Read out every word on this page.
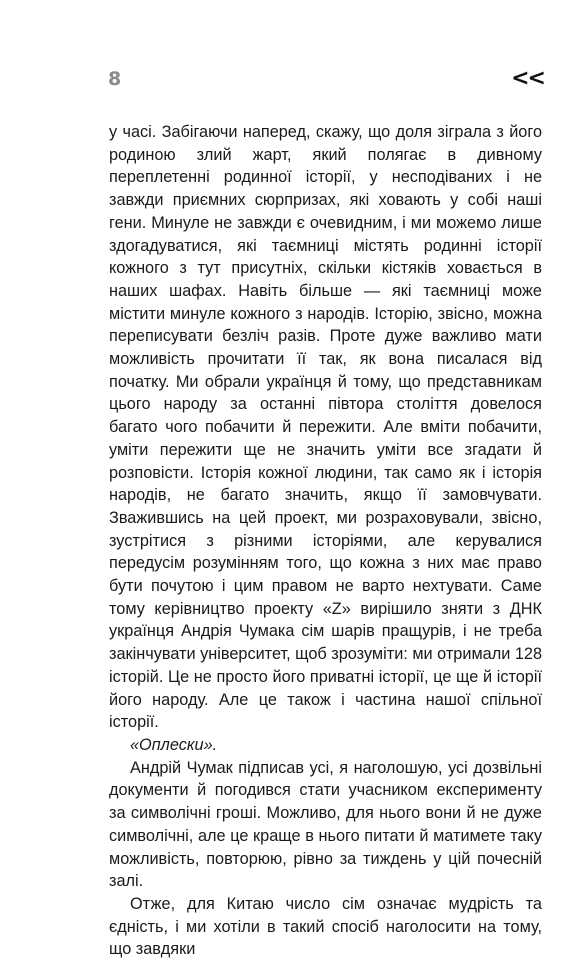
8	<<

у часі. Забігаючи наперед, скажу, що доля зіграла з його родиною злий жарт, який полягає в дивному переплетенні родинної історії, у несподіваних і не завжди приємних сюрпризах, які ховають у собі наші гени. Минуле не завжди є очевидним, і ми можемо лише здогадуватися, які таємниці містять родинні історії кожного з тут присутніх, скільки кістяків ховається в наших шафах. Навіть більше — які таємниці може містити минуле кожного з народів. Історію, звісно, можна переписувати безліч разів. Проте дуже важливо мати можливість прочитати її так, як вона писалася від початку. Ми обрали українця й тому, що представникам цього народу за останні півтора століття довелося багато чого побачити й пережити. Але вміти побачити, уміти пережити ще не значить уміти все згадати й розповісти. Історія кожної людини, так само як і історія народів, не багато значить, якщо її замовчувати. Зважившись на цей проект, ми розраховували, звісно, зустрітися з різними історіями, але керувалися передусім розумінням того, що кожна з них має право бути почутою і цим правом не варто нехтувати. Саме тому керівництво проекту «Z» вирішило зняти з ДНК українця Андрія Чумака сім шарів пращурів, і не треба закінчувати університет, щоб зрозуміти: ми отримали 128 історій. Це не просто його приватні історії, це ще й історії його народу. Але це також і частина нашої спільної історії.

«Оплески».

Андрій Чумак підписав усі, я наголошую, усі дозвільні документи й погодився стати учасником експерименту за символічні гроші. Можливо, для нього вони й не дуже символічні, але це краще в нього питати й матимете таку можливість, повторюю, рівно за тиждень у цій почесній залі.

Отже, для Китаю число сім означає мудрість та єдність, і ми хотіли в такий спосіб наголосити на тому, що завдяки
